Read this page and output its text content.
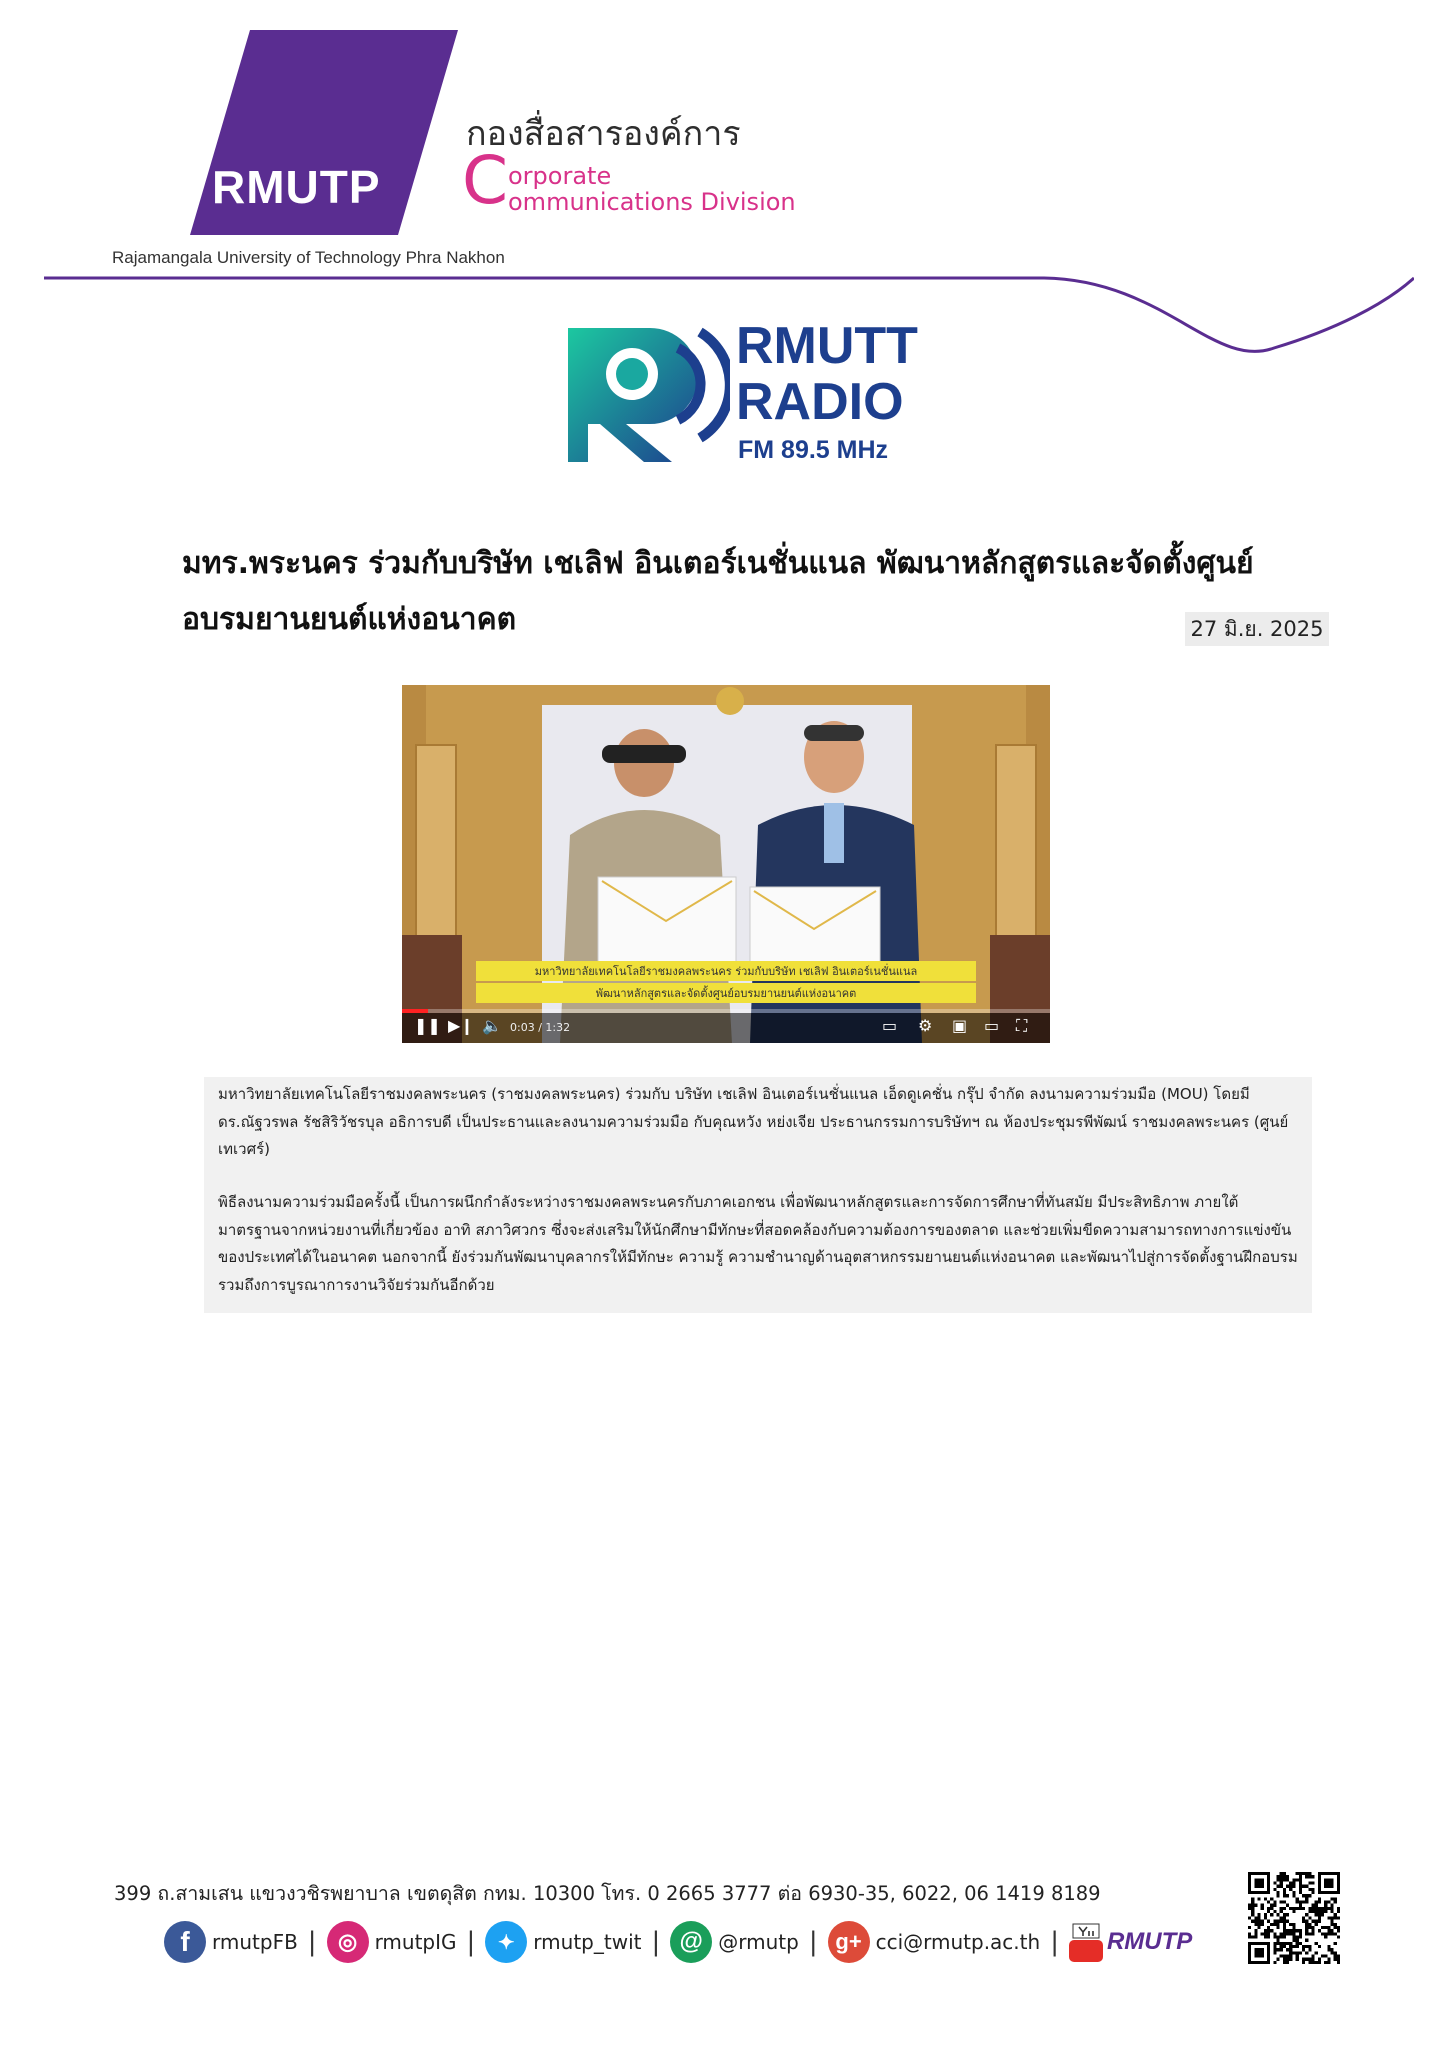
RMUTP
Rajamangala University of Technology Phra Nakhon
กองสื่อสารองค์การ
C orporate
ommunications Division
RMUTT
RADIO
FM 89.5 MHz
มทร.พระนคร ร่วมกับบริษัท เชเลิฟ อินเตอร์เนชั่นแนล พัฒนาหลักสูตรและจัดตั้งศูนย์อบรมยานยนต์แห่งอนาคต	27 มิ.ย. 2025
มหาวิทยาลัยเทคโนโลยีราชมงคลพระนคร ร่วมกับบริษัท เชเลิฟ อินเตอร์เนชั่นแนล
พัฒนาหลักสูตรและจัดตั้งศูนย์อบรมยานยนต์แห่งอนาคต
❚❚ ▶❙ 🔈 0:03 / 1:32	▭ ⚙ ▣ ▭ ⛶

มหาวิทยาลัยเทคโนโลยีราชมงคลพระนคร (ราชมงคลพระนคร) ร่วมกับ บริษัท เชเลิฟ อินเตอร์เนชั่นแนล เอ็ดดูเคชั่น กรุ๊ป จำกัด ลงนามความร่วมมือ (MOU) โดยมี ดร.ณัฐวรพล รัชสิริวัชรบุล อธิการบดี เป็นประธานและลงนามความร่วมมือ กับคุณหวัง หย่งเจีย ประธานกรรมการบริษัทฯ ณ ห้องประชุมรพีพัฒน์ ราชมงคลพระนคร (ศูนย์เทเวศร์)

พิธีลงนามความร่วมมือครั้งนี้ เป็นการผนึกกำลังระหว่างราชมงคลพระนครกับภาคเอกชน เพื่อพัฒนาหลักสูตรและการจัดการศึกษาที่ทันสมัย มีประสิทธิภาพ ภายใต้มาตรฐานจากหน่วยงานที่เกี่ยวข้อง อาทิ สภาวิศวกร ซึ่งจะส่งเสริมให้นักศึกษามีทักษะที่สอดคล้องกับความต้องการของตลาด และช่วยเพิ่มขีดความสามารถทางการแข่งขันของประเทศได้ในอนาคต นอกจากนี้ ยังร่วมกันพัฒนาบุคลากรให้มีทักษะ ความรู้ ความชำนาญด้านอุตสาหกรรมยานยนต์แห่งอนาคต และพัฒนาไปสู่การจัดตั้งฐานฝึกอบรม รวมถึงการบูรณาการงานวิจัยร่วมกันอีกด้วย

399 ถ.สามเสน แขวงวชิรพยาบาล เขตดุสิต กทม. 10300 โทร. 0 2665 3777 ต่อ 6930-35, 6022, 06 1419 8189
f	rmutpFB | ◎ rmutpIG |	✦ rmutp_twit | @ @rmutp | g+ cci@rmutp.ac.th | RMUTP
